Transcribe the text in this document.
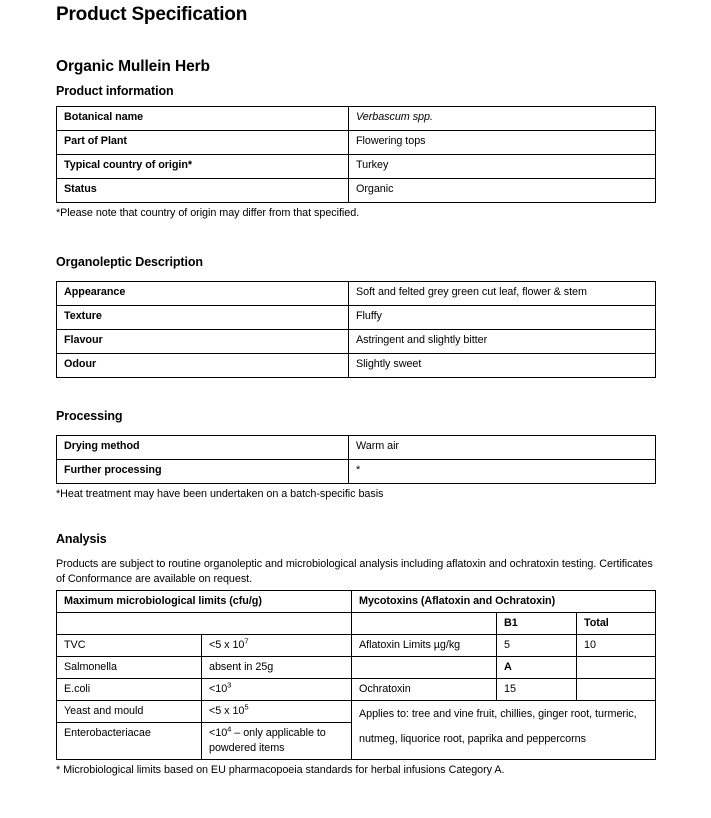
Product Specification
Organic Mullein Herb
Product information
Botanical name	Verbascum spp.
Part of Plant	Flowering tops
Typical country of origin*	Turkey
Status	Organic

*Please note that country of origin may differ from that specified.

Organoleptic Description
Appearance	Soft and felted grey green cut leaf, flower & stem
Texture	Fluffy
Flavour	Astringent and slightly bitter
Odour	Slightly sweet
Processing
Drying method	Warm air
Further processing	*

*Heat treatment may have been undertaken on a batch-specific basis

Analysis

Products are subject to routine organoleptic and microbiological analysis including aflatoxin and ochratoxin testing. Certificates of Conformance are available on request.

Maximum microbiological limits (cfu/g)		Mycotoxins (Aflatoxin and Ochratoxin)		
			B1	Total
TVC	<5 x $10^7$	Aflatoxin Limits µg/kg	5	10
Salmonella	absent in 25g		A	
E.coli	$<10^3$	Ochratoxin	15	
Yeast and mould	<5 x $10^5$	Applies to: tree and vine fruit, chillies, ginger root, turmeric, nutmeg, liquorice root, paprika and peppercorns		
Enterobacteriacae	$<10^4$ – only applicable to powdered items			

* Microbiological limits based on EU pharmacopoeia standards for herbal infusions Category A.
